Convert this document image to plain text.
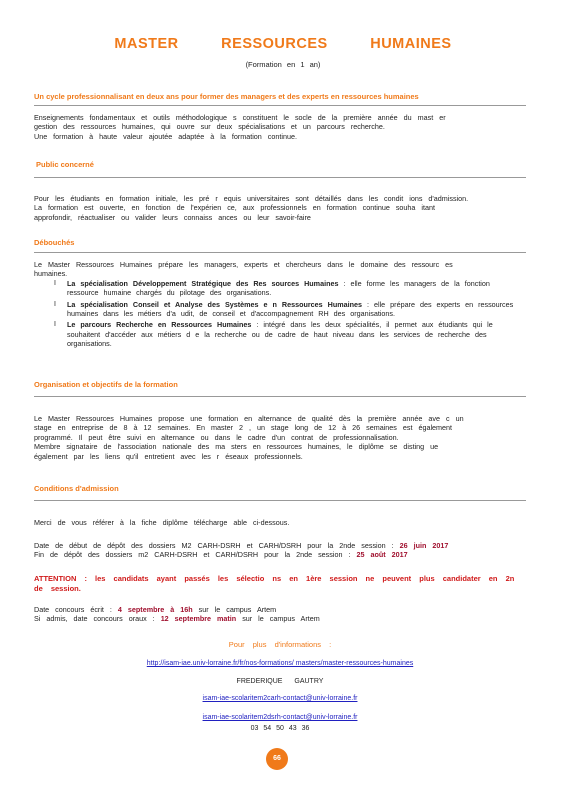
MASTER RESSOURCES HUMAINES
(Formation en 1 an)
Un cycle professionnalisant en deux ans pour former des managers et des experts en ressources humaines

Enseignements fondamentaux et outils méthodologique s constituent le socle de la première année du mast er

gestion des ressources humaines, qui ouvre sur deux spécialisations et un parcours recherche.

Une formation à haute valeur ajoutée adaptée à la formation continue.

Public concerné

Pour les étudiants en formation initiale, les pré r equis universitaires sont détaillés dans les condit ions d'admission.

La formation est ouverte, en fonction de l'expérien ce, aux professionnels en formation continue souha itant

approfondir, réactualiser ou valider leurs connaiss ances ou leur savoir-faire

Débouchés

Le Master Ressources Humaines prépare les managers, experts et chercheurs dans le domaine des ressourc es

humaines.

I La spécialisation Développement Stratégique des Res sources Humaines : elle forme les managers de la fonction ressource humaine chargés du pilotage des organisations.
I La spécialisation Conseil et Analyse des Systèmes e n Ressources Humaines : elle prépare des experts en ressources humaines dans les métiers d'a udit, de conseil et d'accompagnement RH des organisations.
I Le parcours Recherche en Ressources Humaines : intégré dans les deux spécialités, il permet aux étudiants qui le souhaitent d'accéder aux métiers d e la recherche ou de cadre de haut niveau dans les services de recherche des organisations.
Organisation et objectifs de la formation

Le Master Ressources Humaines propose une formation en alternance de qualité dès la première année ave c un

stage en entreprise de 8 à 12 semaines. En master 2 , un stage long de 12 à 26 semaines est également

programmé. Il peut être suivi en alternance ou dans le cadre d'un contrat de professionnalisation.

Membre signataire de l'association nationale des ma sters en ressources humaines, le diplôme se disting ue

également par les liens qu'il entretient avec les r éseaux professionnels.

Conditions d'admission

Merci de vous référer à la fiche diplôme télécharge able ci-dessous.

Date de début de dépôt des dossiers M2 CARH-DSRH et CARH/DSRH pour la 2nde session : 26 juin 2017

Fin de dépôt des dossiers m2 CARH-DSRH et CARH/DSRH pour la 2nde session : 25 août 2017

ATTENTION : les candidats ayant passés les sélectio ns en 1ère session ne peuvent plus candidater en 2n de session.

Date concours écrit : 4 septembre à 16h sur le campus Artem

Si admis, date concours oraux : 12 septembre matin sur le campus Artem

Pour plus d'informations :
http://isam-iae.univ-lorraine.fr/fr/nos-formations/ masters/master-ressources-humaines
FREDERIQUE GAUTRY
isam-iae-scolaritem2carh-contact@univ-lorraine.fr
isam-iae-scolaritem2dsrh-contact@univ-lorraine.fr
03 54 50 43 36
66
